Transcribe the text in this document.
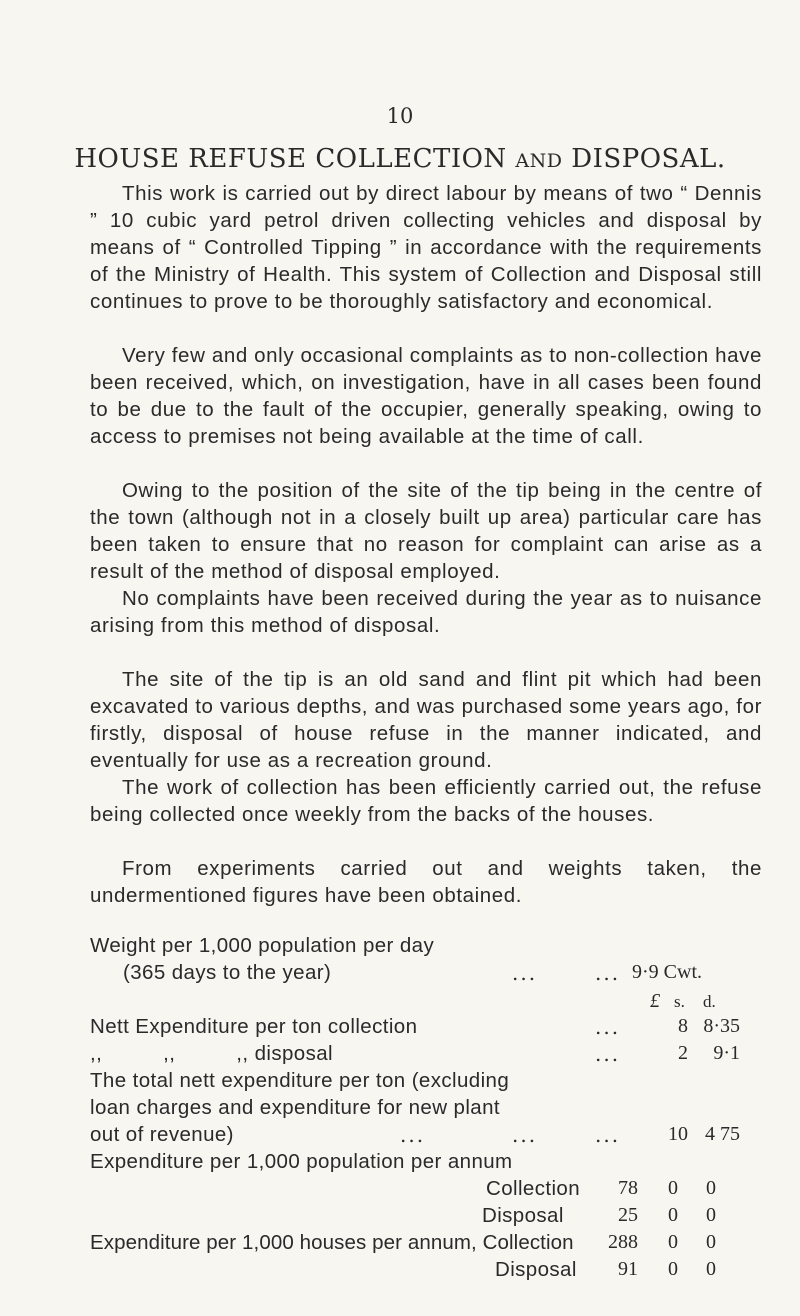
10
HOUSE REFUSE COLLECTION AND DISPOSAL.

This work is carried out by direct labour by means of two “ Dennis ” 10 cubic yard petrol driven collecting vehicles and disposal by means of “ Controlled Tipping ” in accordance with the requirements of the Ministry of Health. This system of Collection and Disposal still continues to prove to be thoroughly satisfactory and economical.

Very few and only occasional complaints as to non-collection have been received, which, on investigation, have in all cases been found to be due to the fault of the occupier, generally speaking, owing to access to premises not being available at the time of call.

Owing to the position of the site of the tip being in the centre of the town (although not in a closely built up area) particular care has been taken to ensure that no reason for complaint can arise as a result of the method of disposal employed.

No complaints have been received during the year as to nuisance arising from this method of disposal.

The site of the tip is an old sand and flint pit which had been excavated to various depths, and was purchased some years ago, for firstly, disposal of house refuse in the manner indicated, and eventually for use as a recreation ground.

The work of collection has been efficiently carried out, the refuse being collected once weekly from the backs of the houses.

From experiments carried out and weights taken, the undermentioned figures have been obtained.

Weight per 1,000 population per day
(365 days to the year)	...	... 9·9 Cwt.
£ s. d.
Nett Expenditure per ton collection	...	8 8·35
,,          ,,          ,, disposal	...	2	9·1
The total nett expenditure per ton (excluding
loan charges and expenditure for new plant
out of revenue)	...	...	...	10 4 75
Expenditure per 1,000 population per annum
Collection	78 0 0
Disposal	25 0 0
Expenditure per 1,000 houses per annum, Collection	288 0 0
Disposal	91 0 0
